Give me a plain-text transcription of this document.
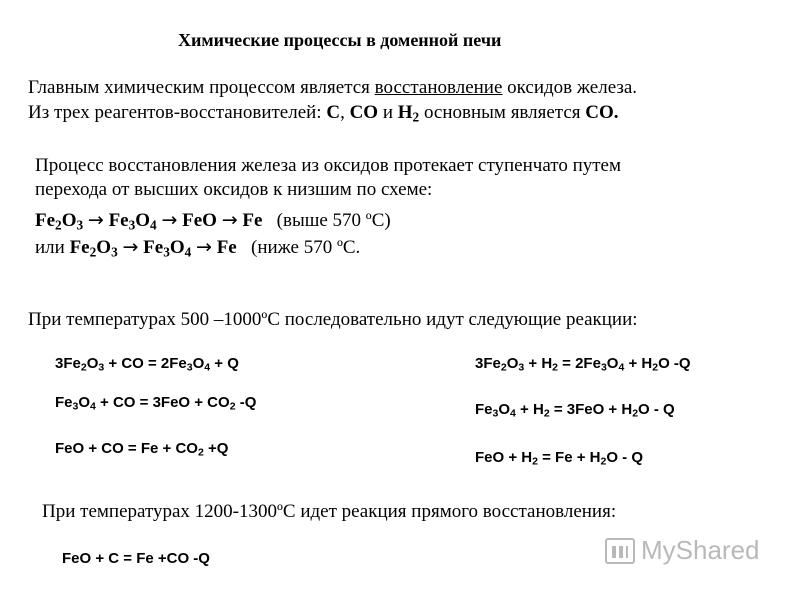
Химические процессы в доменной печи
Главным химическим процессом является восстановление оксидов железа.
Из трех реагентов-восстановителей: С, СО и $Н_2$ основным является СО.
Процесс восстановления железа из оксидов протекает ступенчато путем
перехода от высших оксидов к низшим по схеме:
$Fe_2O_3 \to Fe_3O_4$ → FeO → Fe (выше 570 ºС)
или $Fe_2O_3 \to Fe_3O_4 \to Fe$ (ниже 570 ºС.
При температурах 500 –1000ºС последовательно идут следующие реакции:
$3Fe_2O_3$ + CO = $2Fe_3O_4 + Q$
$Fe_3O_4$ + CO = $3FeO + CO_2$ -Q
FeO + CO = $Fe + CO_2 +Q$
$3Fe_2O_3 + H_2 = 2Fe_3O_4 + H_2O$ -Q
$Fe_3O_4 + H_2 = 3FeO + H_2O - Q$
FeO + $H_2 = Fe + H_2O - Q$
При температурах 1200-1300ºС идет реакция прямого восстановления:
FeO + C = Fe +CO -Q	MyShared
